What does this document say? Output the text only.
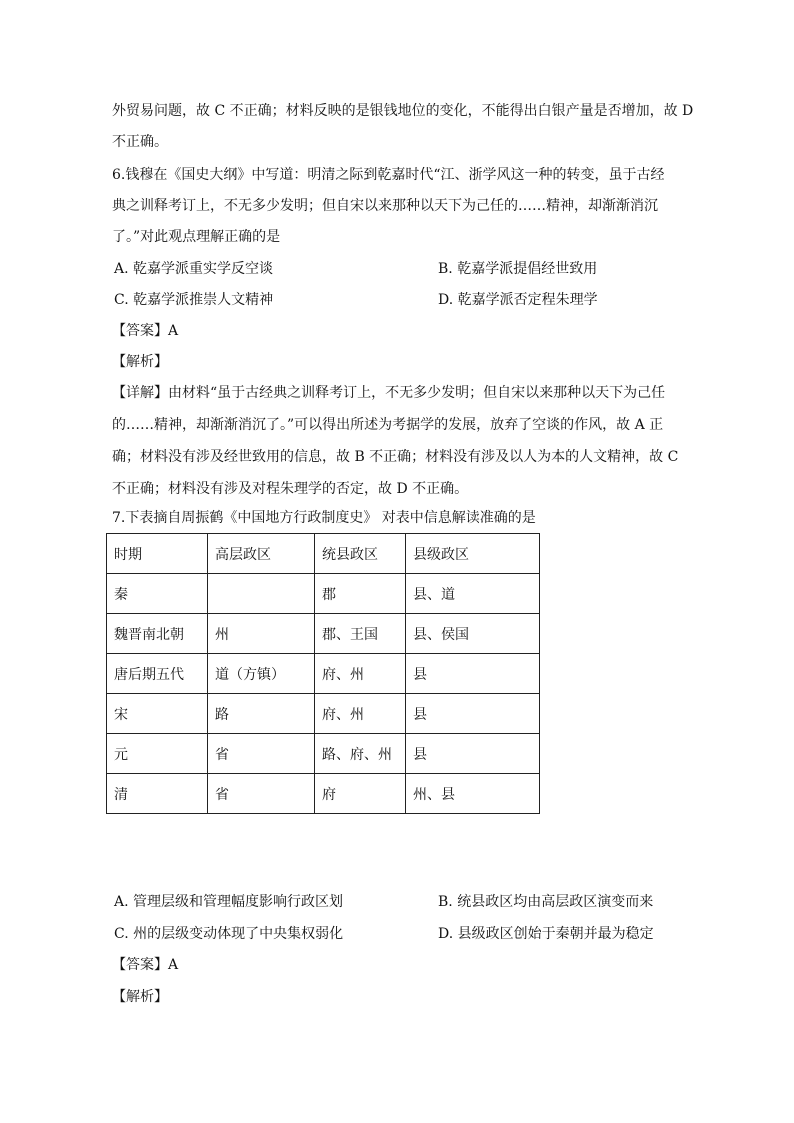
外贸易问题，故 C 不正确；材料反映的是银钱地位的变化，不能得出白银产量是否增加，故 D
不正确。
6.钱穆在《国史大纲》中写道：明清之际到乾嘉时代“江、浙学风这一种的转变，虽于古经
典之训释考订上，不无多少发明；但自宋以来那种以天下为己任的……精神，却渐渐消沉
了。”对此观点理解正确的是
A. 乾嘉学派重实学反空谈	B. 乾嘉学派提倡经世致用
C. 乾嘉学派推崇人文精神	D. 乾嘉学派否定程朱理学
【答案】A
【解析】
【详解】由材料“虽于古经典之训释考订上，不无多少发明；但自宋以来那种以天下为己任
的……精神，却渐渐消沉了。”可以得出所述为考据学的发展，放弃了空谈的作风，故 A 正
确；材料没有涉及经世致用的信息，故 B 不正确；材料没有涉及以人为本的人文精神，故 C
不正确；材料没有涉及对程朱理学的否定，故 D 不正确。
7.下表摘自周振鹤《中国地方行政制度史》 对表中信息解读准确的是
时期	高层政区	统县政区	县级政区
秦		郡	县、道
魏晋南北朝	州	郡、王国	县、侯国
唐后期五代	道（方镇）	府、州	县
宋	路	府、州	县
元	省	路、府、州	县
清	省	府	州、县
A. 管理层级和管理幅度影响行政区划	B. 统县政区均由高层政区演变而来
C. 州的层级变动体现了中央集权弱化	D. 县级政区创始于秦朝并最为稳定
【答案】A
【解析】
